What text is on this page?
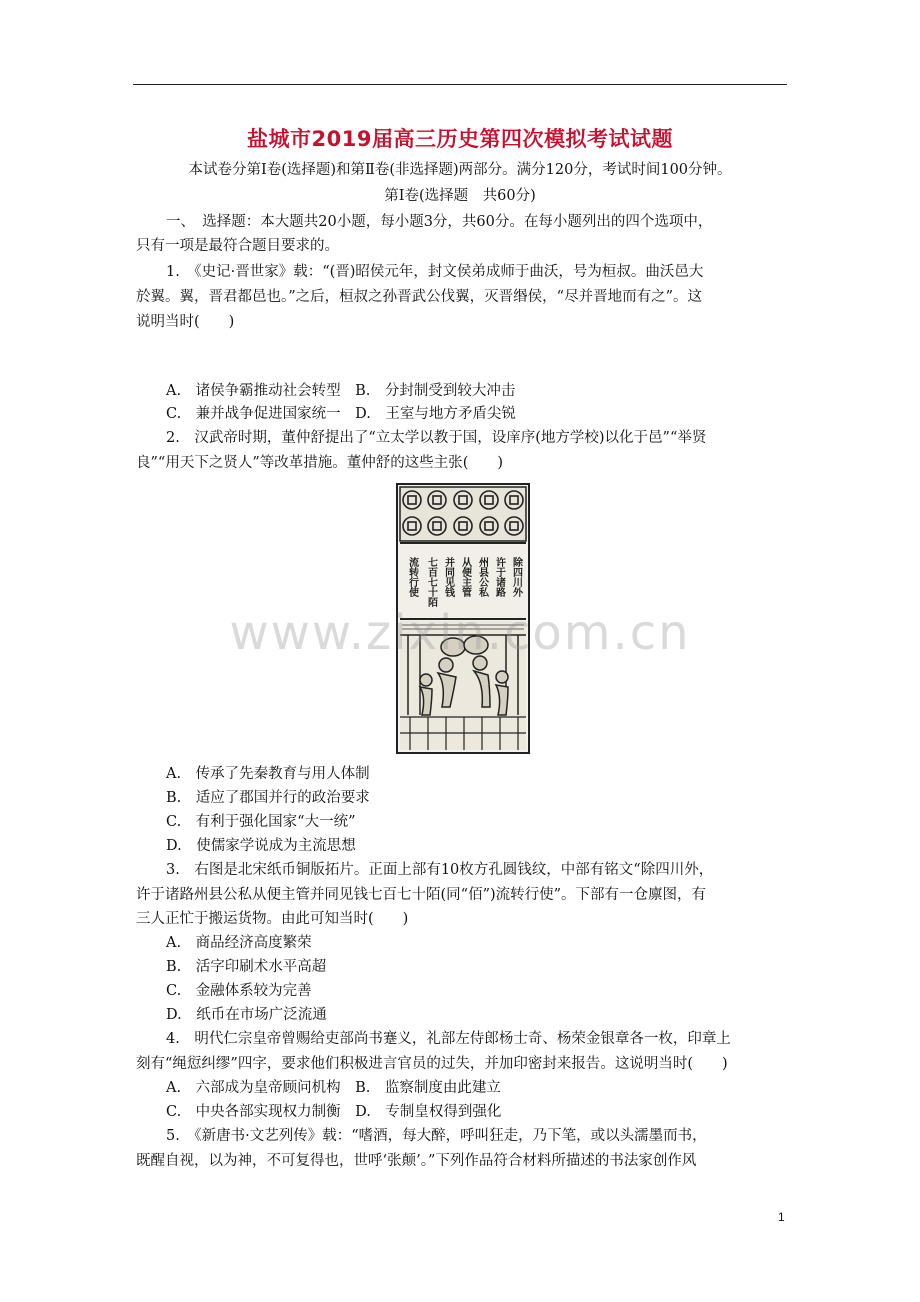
盐城市2019届高三历史第四次模拟考试试题
本试卷分第Ⅰ卷(选择题)和第Ⅱ卷(非选择题)两部分。满分120分，考试时间100分钟。
第Ⅰ卷(选择题　共60分)
一、　选择题：本大题共20小题，每小题3分，共60分。在每小题列出的四个选项中，
只有一项是最符合题目要求的。
1.　《史记·晋世家》载：“(晋)昭侯元年，封文侯弟成师于曲沃，号为桓叔。曲沃邑大
於翼。翼，晋君都邑也。”之后，桓叔之孙晋武公伐翼，灭晋缗侯，“尽并晋地而有之”。这
说明当时(　　)
A.　诸侯争霸推动社会转型　B.　分封制受到较大冲击
C.　兼并战争促进国家统一　D.　王室与地方矛盾尖锐
2.　汉武帝时期，董仲舒提出了“立太学以教于国，设庠序(地方学校)以化于邑”“举贤
良”“用天下之贤人”等改革措施。董仲舒的这些主张(　　)
除四川外
许于诸路
州县公私
从便主管
并同见钱
七百七十陌
流转行使
www.zixin.com.cn
A.　传承了先秦教育与用人体制
B.　适应了郡国并行的政治要求
C.　有利于强化国家“大一统”
D.　使儒家学说成为主流思想
3.　右图是北宋纸币铜版拓片。正面上部有10枚方孔圆钱纹，中部有铭文“除四川外，
许于诸路州县公私从便主管并同见钱七百七十陌(同“佰”)流转行使”。下部有一仓廪图，有
三人正忙于搬运货物。由此可知当时(　　)
A.　商品经济高度繁荣
B.　活字印刷术水平高超
C.　金融体系较为完善
D.　纸币在市场广泛流通
4.　明代仁宗皇帝曾赐给吏部尚书蹇义，礼部左侍郎杨士奇、杨荣金银章各一枚，印章上
刻有“绳愆纠缪”四字，要求他们积极进言官员的过失，并加印密封来报告。这说明当时(　　)
A.　六部成为皇帝顾问机构　B.　监察制度由此建立
C.　中央各部实现权力制衡　D.　专制皇权得到强化
5.　《新唐书·文艺列传》载：“嗜酒，每大醉，呼叫狂走，乃下笔，或以头濡墨而书，
既醒自视，以为神，不可复得也，世呼‘张颠’。”下列作品符合材料所描述的书法家创作风
1
